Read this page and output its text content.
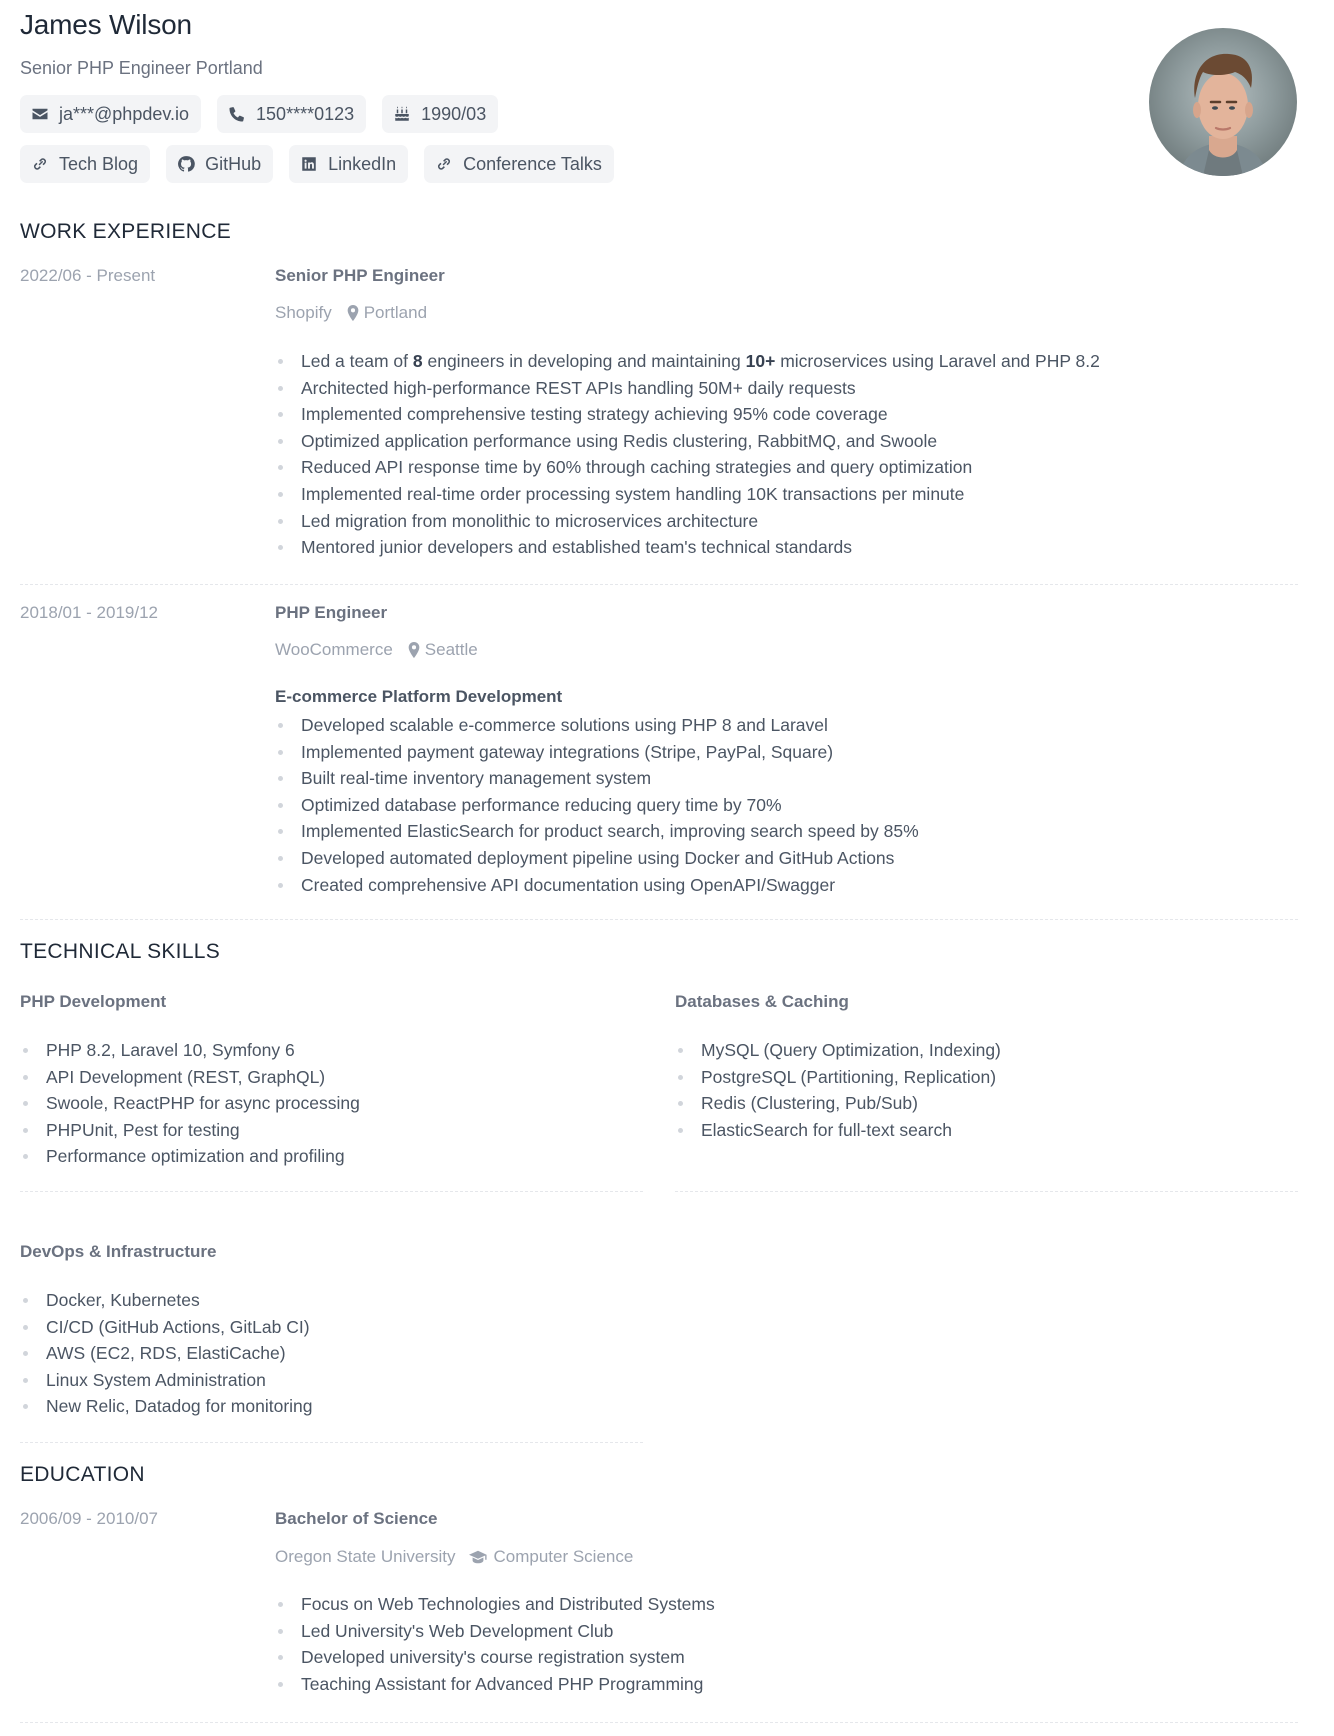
James Wilson
Senior PHP Engineer Portland
ja***@phpdev.io	150****0123	1990/03
Tech Blog	GitHub	LinkedIn	Conference Talks
WORK EXPERIENCE
2022/06 - Present	Senior PHP Engineer
Shopify Portland
Led a team of 8 engineers in developing and maintaining 10+ microservices using Laravel and PHP 8.2
Architected high-performance REST APIs handling 50M+ daily requests
Implemented comprehensive testing strategy achieving 95% code coverage
Optimized application performance using Redis clustering, RabbitMQ, and Swoole
Reduced API response time by 60% through caching strategies and query optimization
Implemented real-time order processing system handling 10K transactions per minute
Led migration from monolithic to microservices architecture
Mentored junior developers and established team's technical standards
2018/01 - 2019/12	PHP Engineer
WooCommerce Seattle
E-commerce Platform Development
Developed scalable e-commerce solutions using PHP 8 and Laravel
Implemented payment gateway integrations (Stripe, PayPal, Square)
Built real-time inventory management system
Optimized database performance reducing query time by 70%
Implemented ElasticSearch for product search, improving search speed by 85%
Developed automated deployment pipeline using Docker and GitHub Actions
Created comprehensive API documentation using OpenAPI/Swagger
TECHNICAL SKILLS
PHP Development
PHP 8.2, Laravel 10, Symfony 6
API Development (REST, GraphQL)
Swoole, ReactPHP for async processing
PHPUnit, Pest for testing
Performance optimization and profiling
Databases & Caching
MySQL (Query Optimization, Indexing)
PostgreSQL (Partitioning, Replication)
Redis (Clustering, Pub/Sub)
ElasticSearch for full-text search
DevOps & Infrastructure
Docker, Kubernetes
CI/CD (GitHub Actions, GitLab CI)
AWS (EC2, RDS, ElastiCache)
Linux System Administration
New Relic, Datadog for monitoring
EDUCATION
2006/09 - 2010/07	Bachelor of Science
Oregon State University Computer Science
Focus on Web Technologies and Distributed Systems
Led University's Web Development Club
Developed university's course registration system
Teaching Assistant for Advanced PHP Programming
